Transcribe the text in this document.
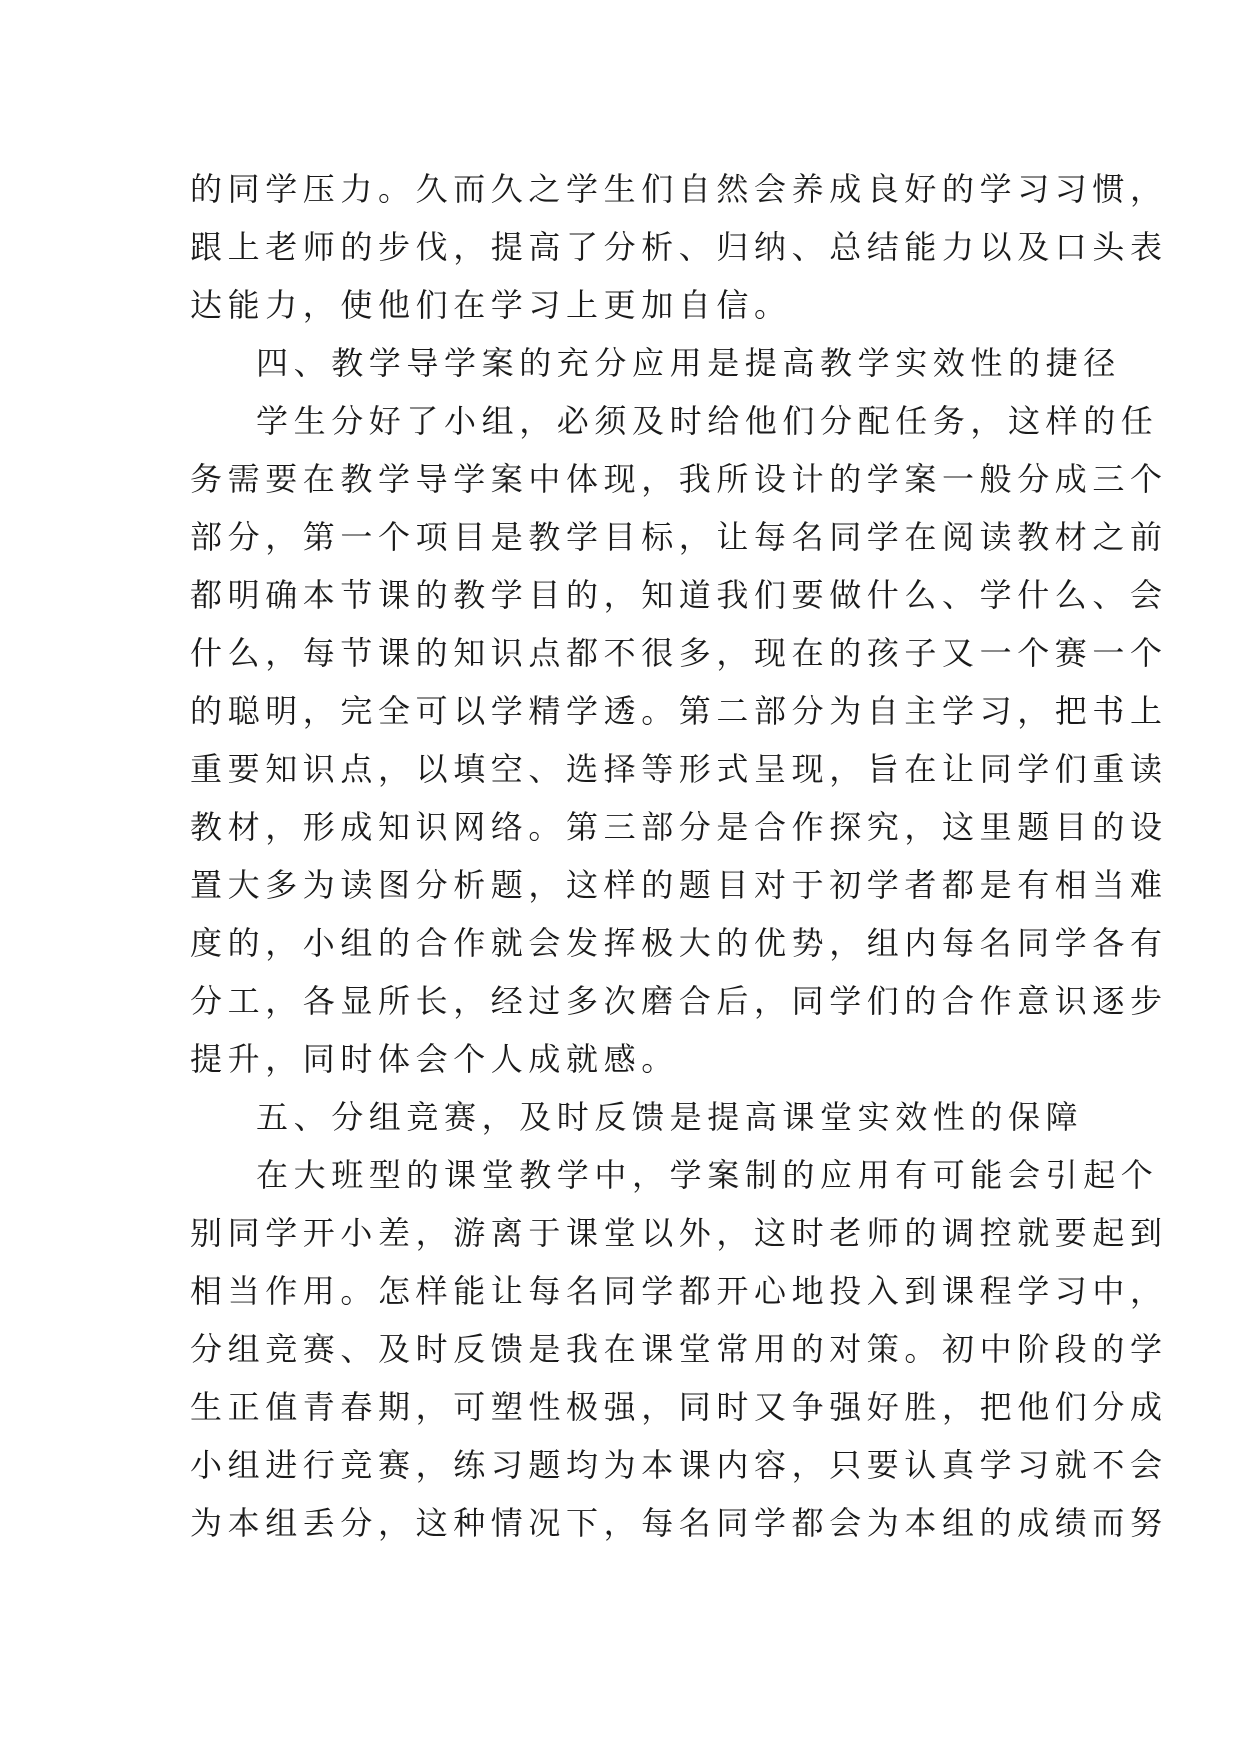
的同学压力。久而久之学生们自然会养成良好的学习习惯，
跟上老师的步伐，提高了分析、归纳、总结能力以及口头表
达能力，使他们在学习上更加自信。
四、教学导学案的充分应用是提高教学实效性的捷径
学生分好了小组，必须及时给他们分配任务，这样的任
务需要在教学导学案中体现，我所设计的学案一般分成三个
部分，第一个项目是教学目标，让每名同学在阅读教材之前
都明确本节课的教学目的，知道我们要做什么、学什么、会
什么，每节课的知识点都不很多，现在的孩子又一个赛一个
的聪明，完全可以学精学透。第二部分为自主学习，把书上
重要知识点，以填空、选择等形式呈现，旨在让同学们重读
教材，形成知识网络。第三部分是合作探究，这里题目的设
置大多为读图分析题，这样的题目对于初学者都是有相当难
度的，小组的合作就会发挥极大的优势，组内每名同学各有
分工，各显所长，经过多次磨合后，同学们的合作意识逐步
提升，同时体会个人成就感。
五、分组竞赛，及时反馈是提高课堂实效性的保障
在大班型的课堂教学中，学案制的应用有可能会引起个
别同学开小差，游离于课堂以外，这时老师的调控就要起到
相当作用。怎样能让每名同学都开心地投入到课程学习中，
分组竞赛、及时反馈是我在课堂常用的对策。初中阶段的学
生正值青春期，可塑性极强，同时又争强好胜，把他们分成
小组进行竞赛，练习题均为本课内容，只要认真学习就不会
为本组丢分，这种情况下，每名同学都会为本组的成绩而努
